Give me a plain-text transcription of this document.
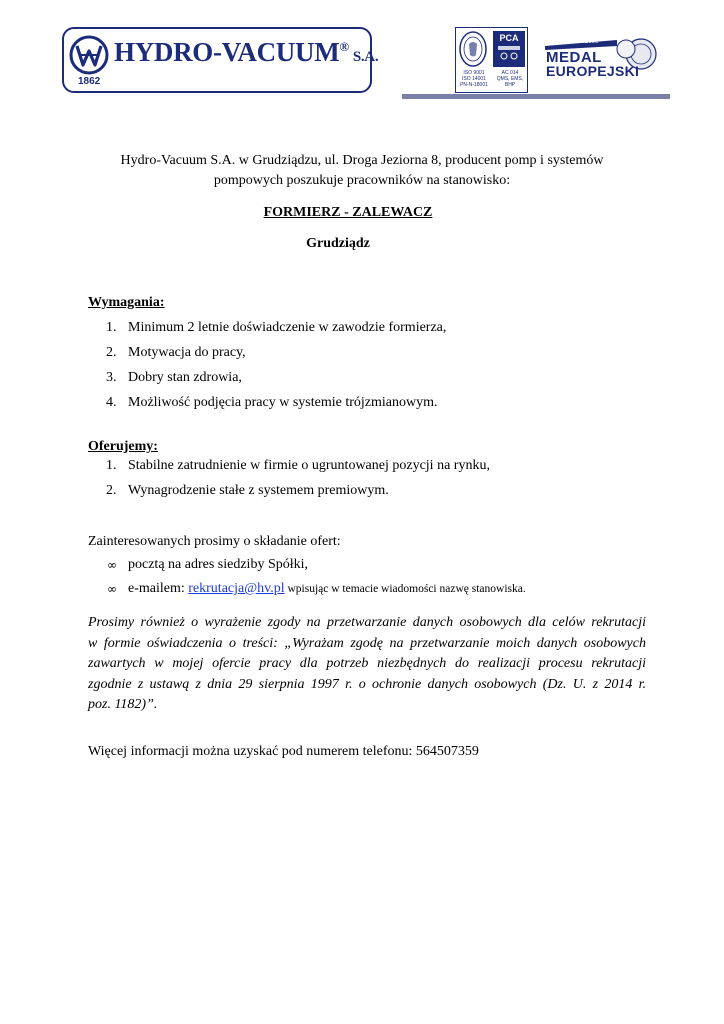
HYDRO-VACUUM®S.A.
1862
ISO 9001
ISO 14001
PN-N-18001
PCA
AC 014
QMS, EMS,
BHP
EDYCJA 2000
MEDAL
EUROPEJSKI
Hydro-Vacuum S.A. w Grudziądzu, ul. Droga Jeziorna 8, producent pomp i systemów
pompowych poszukuje pracowników na stanowisko:
FORMIERZ - ZALEWACZ
Grudziądz
Wymagania:
1. Minimum 2 letnie doświadczenie w zawodzie formierza,
2. Motywacja do pracy,
3. Dobry stan zdrowia,
4. Możliwość podjęcia pracy w systemie trójzmianowym.
Oferujemy:
1. Stabilne zatrudnienie w firmie o ugruntowanej pozycji na rynku,
2. Wynagrodzenie stałe z systemem premiowym.
Zainteresowanych prosimy o składanie ofert:
∞ pocztą na adres siedziby Spółki,
∞ e-mailem: rekrutacja@hv.pl wpisując w temacie wiadomości nazwę stanowiska.
Prosimy również o wyrażenie zgody na przetwarzanie danych osobowych dla celów rekrutacji
w formie oświadczenia o treści: „Wyrażam zgodę na przetwarzanie moich danych osobowych
zawartych w mojej ofercie pracy dla potrzeb niezbędnych do realizacji procesu rekrutacji
zgodnie z ustawą z dnia 29 sierpnia 1997 r. o ochronie danych osobowych (Dz. U. z 2014 r.
poz. 1182)”.
Więcej informacji można uzyskać pod numerem telefonu: 564507359
